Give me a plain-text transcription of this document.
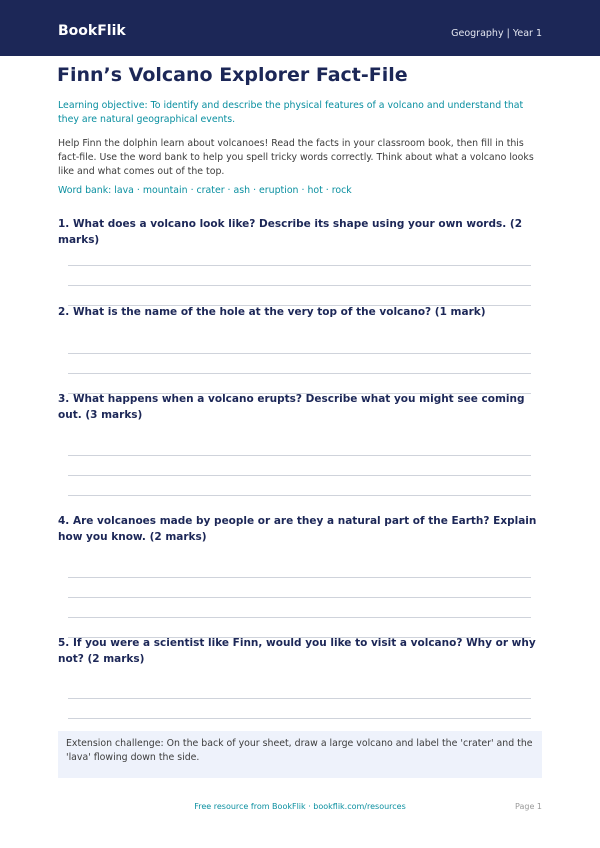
BookFlik	Geography | Year 1
Finn’s Volcano Explorer Fact-File
Learning objective: To identify and describe the physical features of a volcano and understand that they are natural geographical events.
Help Finn the dolphin learn about volcanoes! Read the facts in your classroom book, then fill in this fact-file. Use the word bank to help you spell tricky words correctly. Think about what a volcano looks like and what comes out of the top.
Word bank: lava · mountain · crater · ash · eruption · hot · rock
1. What does a volcano look like? Describe its shape using your own words. (2 marks)
2. What is the name of the hole at the very top of the volcano? (1 mark)
3. What happens when a volcano erupts? Describe what you might see coming out. (3 marks)
4. Are volcanoes made by people or are they a natural part of the Earth? Explain how you know. (2 marks)
5. If you were a scientist like Finn, would you like to visit a volcano? Why or why not? (2 marks)
Extension challenge: On the back of your sheet, draw a large volcano and label the 'crater' and the 'lava' flowing down the side.
Free resource from BookFlik · bookflik.com/resources	Page 1
